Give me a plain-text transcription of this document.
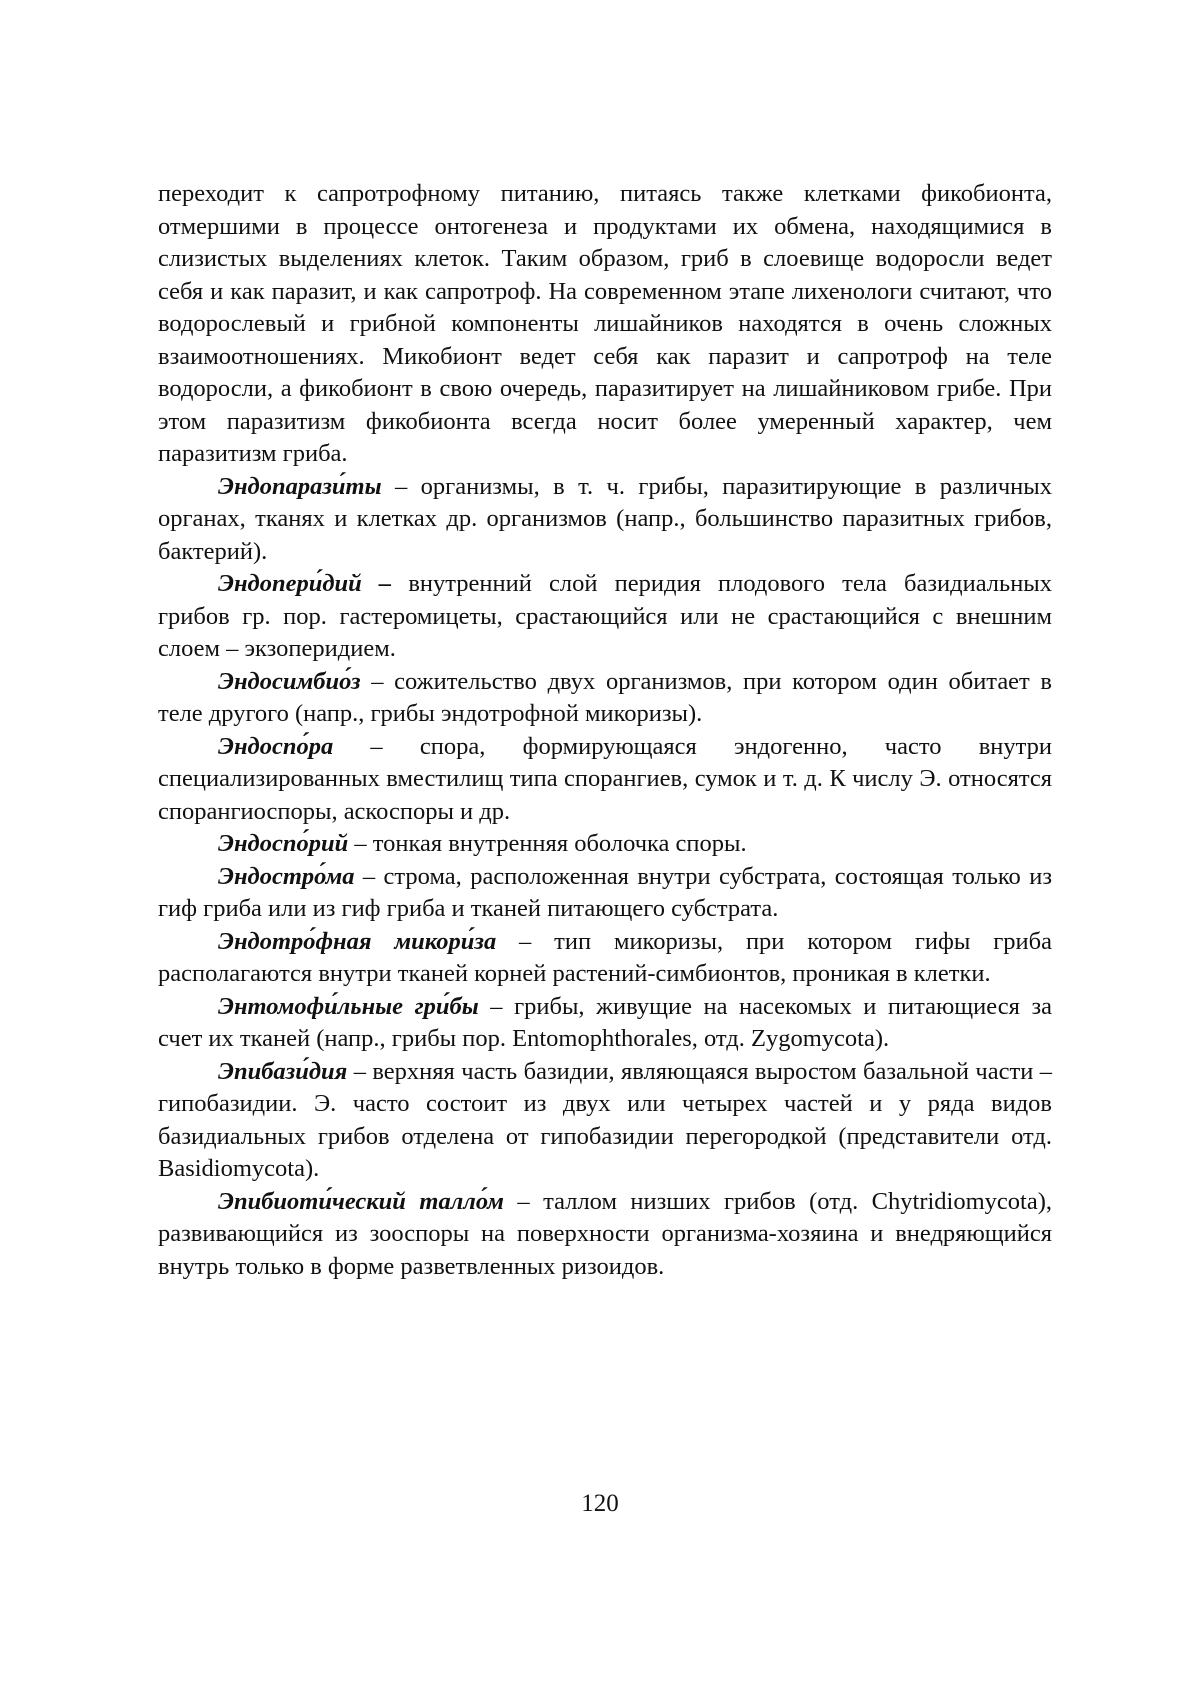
переходит к сапротрофному питанию, питаясь также клетками фикобионта, отмершими в процессе онтогенеза и продуктами их обмена, находящимися в слизистых выделениях клеток. Таким образом, гриб в слоевище водоросли ведет себя и как паразит, и как сапротроф. На современном этапе лихенологи считают, что водорослевый и грибной компоненты лишайников находятся в очень сложных взаимоотношениях. Микобионт ведет себя как паразит и сапротроф на теле водоросли, а фикобионт в свою очередь, паразитирует на лишайниковом грибе. При этом паразитизм фикобионта всегда носит более умеренный характер, чем паразитизм гриба.

Эндопарази́ты – организмы, в т. ч. грибы, паразитирующие в различных органах, тканях и клетках др. организмов (напр., большинство паразитных грибов, бактерий).

Эндопери́дий – внутренний слой перидия плодового тела базидиальных грибов гр. пор. гастеромицеты, срастающийся или не срастающийся с внешним слоем – экзоперидием.

Эндосимбио́з – сожительство двух организмов, при котором один обитает в теле другого (напр., грибы эндотрофной микоризы).

Эндоспо́ра – спора, формирующаяся эндогенно, часто внутри специализированных вместилищ типа спорангиев, сумок и т. д. К числу Э. относятся спорангиоспоры, аскоспоры и др.

Эндоспо́рий – тонкая внутренняя оболочка споры.

Эндостро́ма – строма, расположенная внутри субстрата, состоящая только из гиф гриба или из гиф гриба и тканей питающего субстрата.

Эндотро́фная микори́за – тип микоризы, при котором гифы гриба располагаются внутри тканей корней растений-симбионтов, проникая в клетки.

Энтомофи́льные гри́бы – грибы, живущие на насекомых и питающиеся за счет их тканей (напр., грибы пор. Entomophthorales, отд. Zygomycota).

Эпибази́дия – верхняя часть базидии, являющаяся выростом базальной части – гипобазидии. Э. часто состоит из двух или четырех частей и у ряда видов базидиальных грибов отделена от гипобазидии перегородкой (представители отд. Basidiomycota).

Эпибиоти́ческий талло́м – таллом низших грибов (отд. Chytridiomycota), развивающийся из зооспоры на поверхности организма-хозяина и внедряющийся внутрь только в форме разветвленных ризоидов.

120
